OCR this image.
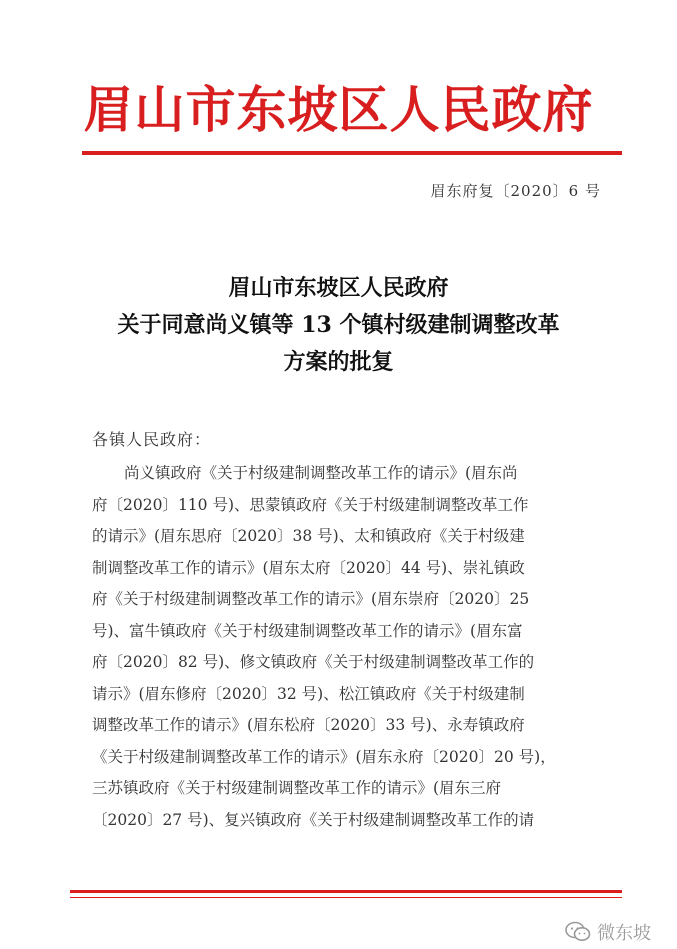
眉山市东坡区人民政府
眉东府复〔2020〕6 号
眉山市东坡区人民政府
关于同意尚义镇等 13 个镇村级建制调整改革
方案的批复
各镇人民政府：
尚义镇政府《关于村级建制调整改革工作的请示》(眉东尚
府〔2020〕110 号)、思蒙镇政府《关于村级建制调整改革工作
的请示》(眉东思府〔2020〕38 号)、太和镇政府《关于村级建
制调整改革工作的请示》(眉东太府〔2020〕44 号)、崇礼镇政
府《关于村级建制调整改革工作的请示》(眉东崇府〔2020〕25
号)、富牛镇政府《关于村级建制调整改革工作的请示》(眉东富
府〔2020〕82 号)、修文镇政府《关于村级建制调整改革工作的
请示》(眉东修府〔2020〕32 号)、松江镇政府《关于村级建制
调整改革工作的请示》(眉东松府〔2020〕33 号)、永寿镇政府
《关于村级建制调整改革工作的请示》(眉东永府〔2020〕20 号)，
三苏镇政府《关于村级建制调整改革工作的请示》(眉东三府
〔2020〕27 号)、复兴镇政府《关于村级建制调整改革工作的请
微东坡
